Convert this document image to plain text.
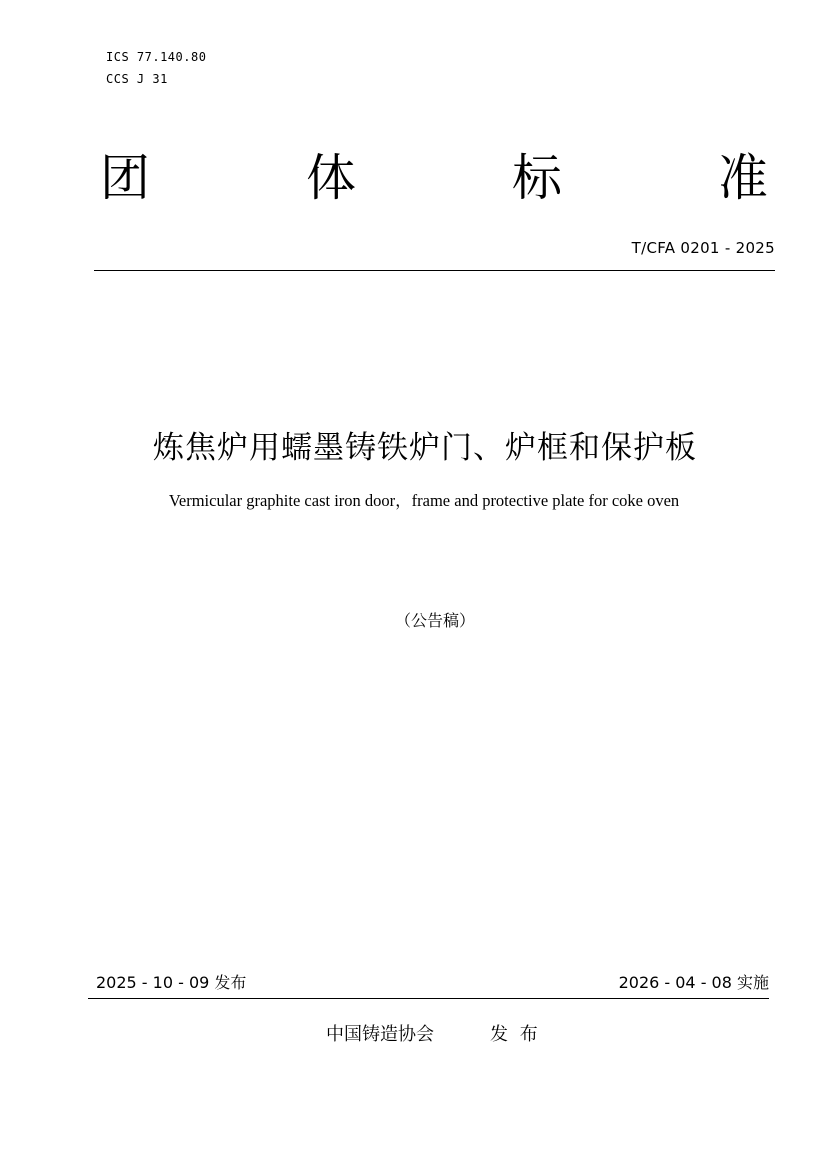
ICS 77.140.80
CCS J 31
团	体	标	准
T/CFA 0201 - 2025
炼焦炉用蠕墨铸铁炉门、炉框和保护板
Vermicular graphite cast iron door，frame and protective plate for coke oven
（公告稿）
2025 - 10 - 09 发布	2026 - 04 - 08 实施
中国铸造协会	发 布
